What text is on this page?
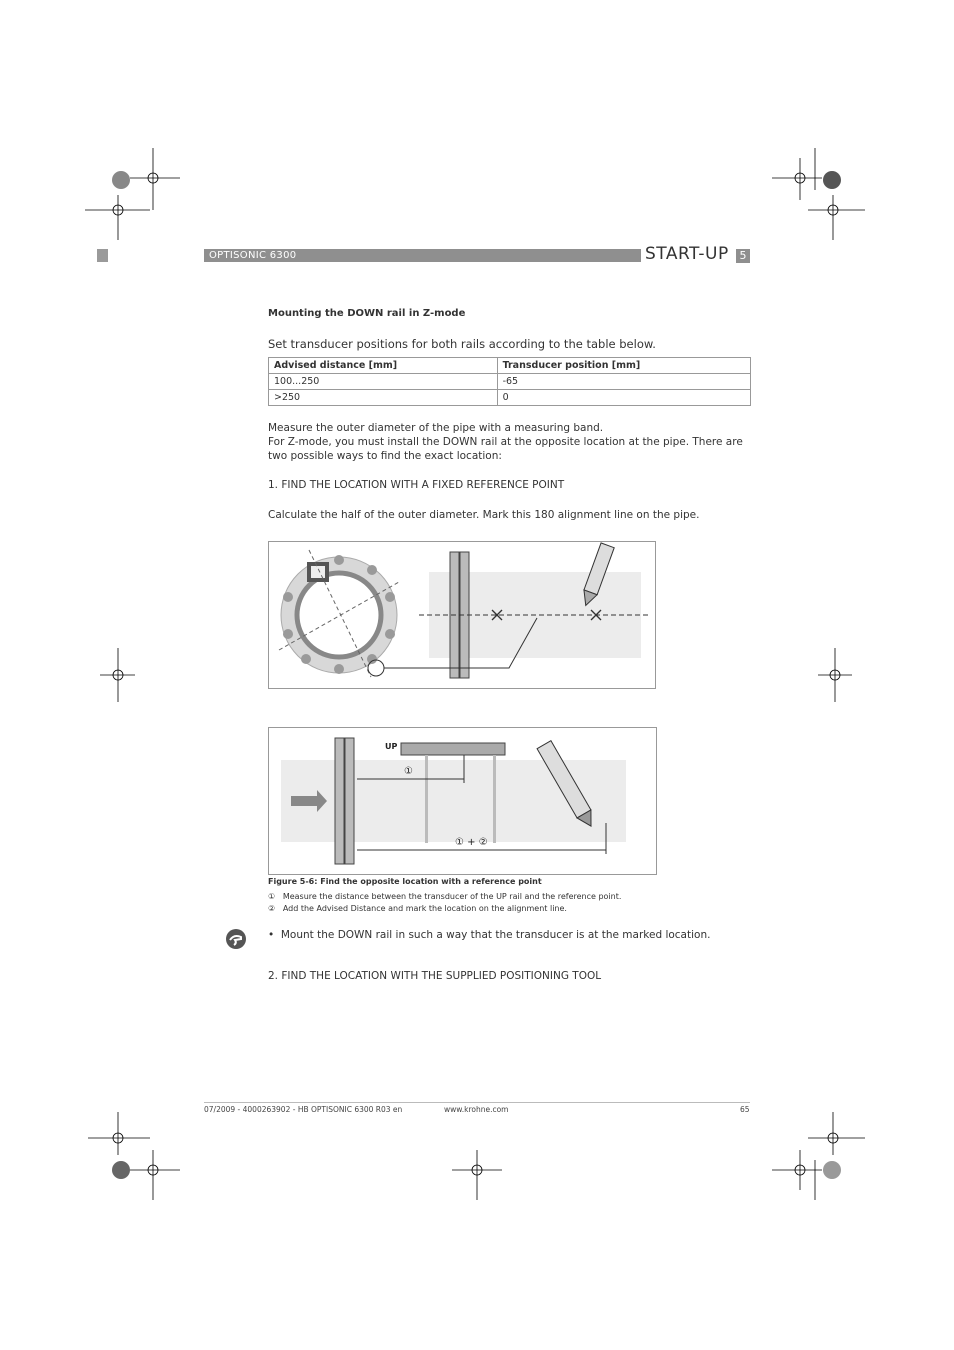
OPTISONIC 6300	START-UP 5
Mounting the DOWN rail in Z-mode
Set transducer positions for both rails according to the table below.
Advised distance [mm]	Transducer position [mm]
100...250	-65
>250	0
Measure the outer diameter of the pipe with a measuring band.
For Z-mode, you must install the DOWN rail at the opposite location at the pipe. There are two possible ways to find the exact location:
1. FIND THE LOCATION WITH A FIXED REFERENCE POINT
Calculate the half of the outer diameter. Mark this 180 alignment line on the pipe.
UP
①
① + ②
Figure 5-6: Find the opposite location with a reference point
① Measure the distance between the transducer of the UP rail and the reference point.
② Add the Advised Distance and mark the location on the alignment line.
•  Mount the DOWN rail in such a way that the transducer is at the marked location.
2. FIND THE LOCATION WITH THE SUPPLIED POSITIONING TOOL
07/2009 - 4000263902 - HB OPTISONIC 6300 R03 en	www.krohne.com	65
